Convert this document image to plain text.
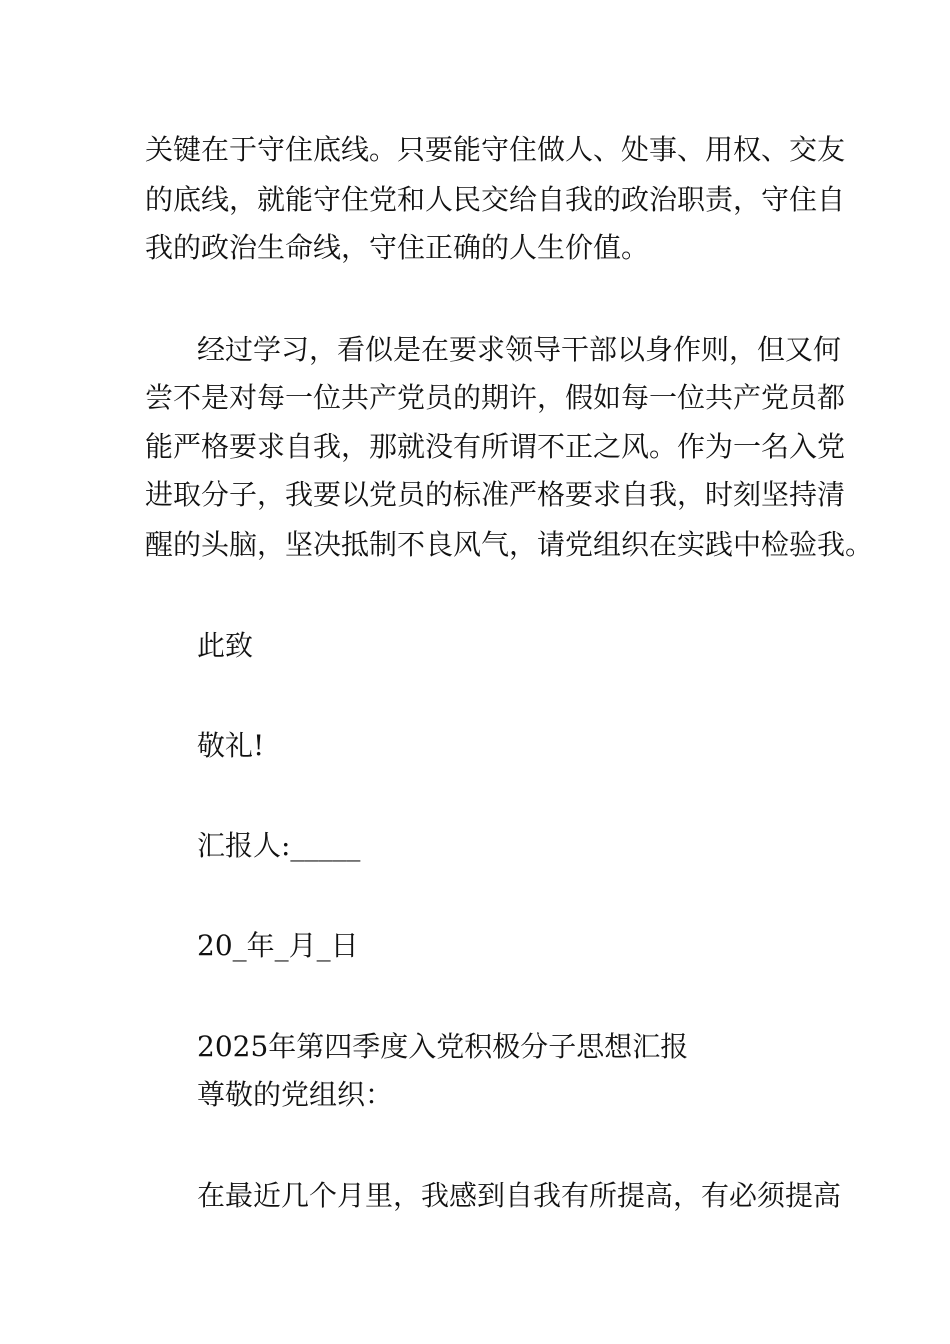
关键在于守住底线。只要能守住做人、处事、用权、交友
的底线，就能守住党和人民交给自我的政治职责，守住自
我的政治生命线，守住正确的人生价值。
经过学习，看似是在要求领导干部以身作则，但又何
尝不是对每一位共产党员的期许，假如每一位共产党员都
能严格要求自我，那就没有所谓不正之风。作为一名入党
进取分子，我要以党员的标准严格要求自我，时刻坚持清
醒的头脑，坚决抵制不良风气，请党组织在实践中检验我。
此致
敬礼!
汇报人:_____
20_年_月_日
2025年第四季度入党积极分子思想汇报
尊敬的党组织：
在最近几个月里，我感到自我有所提高，有必须提高
